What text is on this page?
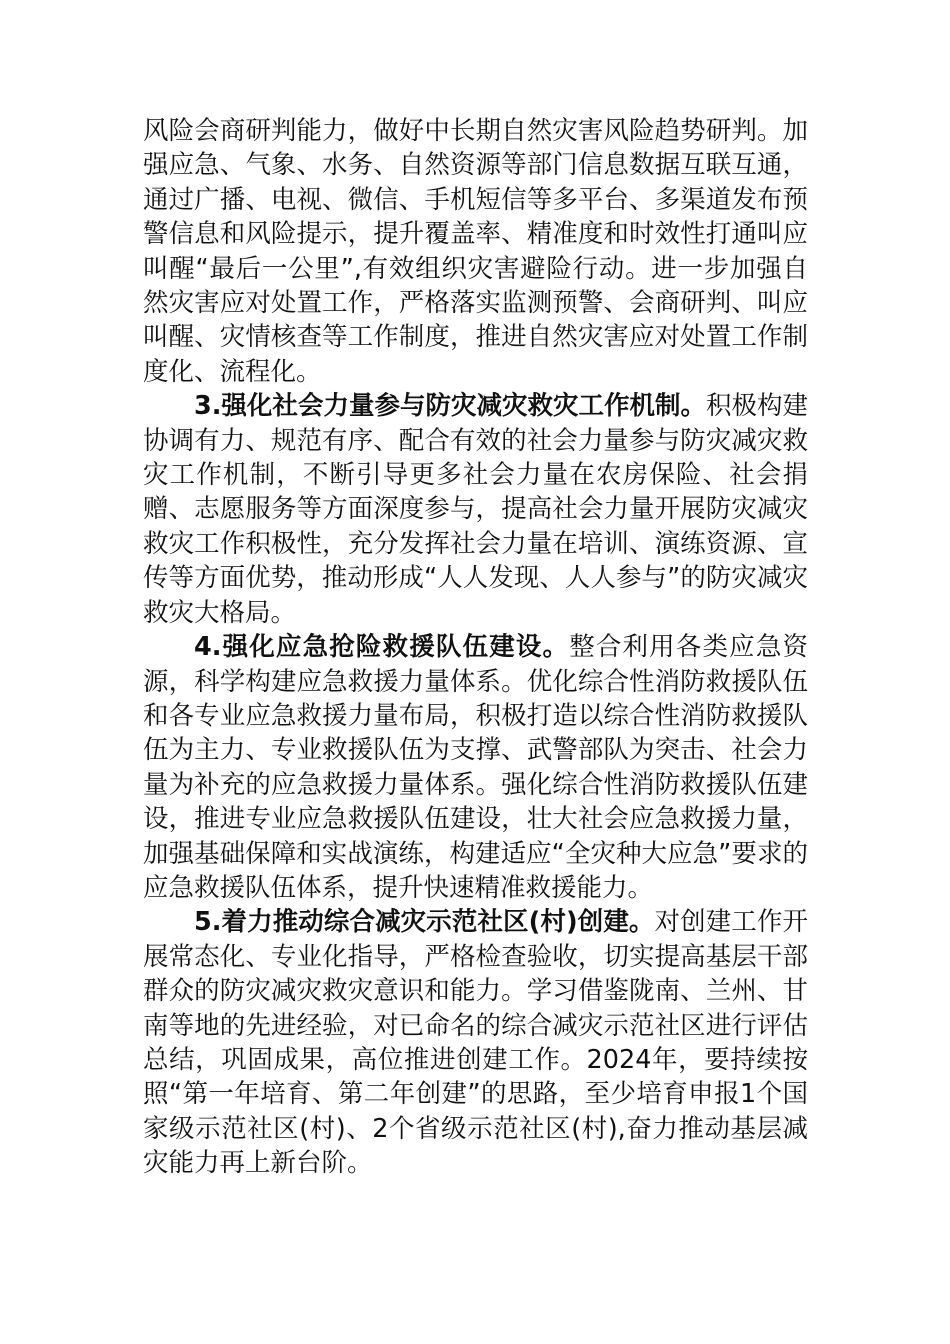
风险会商研判能力，做好中长期自然灾害风险趋势研判。加强应急、气象、水务、自然资源等部门信息数据互联互通，通过广播、电视、微信、手机短信等多平台、多渠道发布预警信息和风险提示，提升覆盖率、精准度和时效性打通叫应叫醒“最后一公里”,有效组织灾害避险行动。进一步加强自然灾害应对处置工作，严格落实监测预警、会商研判、叫应叫醒、灾情核查等工作制度，推进自然灾害应对处置工作制度化、流程化。

3.强化社会力量参与防灾减灾救灾工作机制。积极构建协调有力、规范有序、配合有效的社会力量参与防灾减灾救灾工作机制，不断引导更多社会力量在农房保险、社会捐赠、志愿服务等方面深度参与，提高社会力量开展防灾减灾救灾工作积极性，充分发挥社会力量在培训、演练资源、宣传等方面优势，推动形成“人人发现、人人参与”的防灾减灾救灾大格局。

4.强化应急抢险救援队伍建设。整合利用各类应急资源，科学构建应急救援力量体系。优化综合性消防救援队伍和各专业应急救援力量布局，积极打造以综合性消防救援队伍为主力、专业救援队伍为支撑、武警部队为突击、社会力量为补充的应急救援力量体系。强化综合性消防救援队伍建设，推进专业应急救援队伍建设，壮大社会应急救援力量，加强基础保障和实战演练，构建适应“全灾种大应急”要求的应急救援队伍体系，提升快速精准救援能力。

5.着力推动综合减灾示范社区(村)创建。对创建工作开展常态化、专业化指导，严格检查验收，切实提高基层干部群众的防灾减灾救灾意识和能力。学习借鉴陇南、兰州、甘南等地的先进经验，对已命名的综合减灾示范社区进行评估总结，巩固成果，高位推进创建工作。2024年，要持续按照“第一年培育、第二年创建”的思路，至少培育申报1个国家级示范社区(村)、2个省级示范社区(村),奋力推动基层减灾能力再上新台阶。
